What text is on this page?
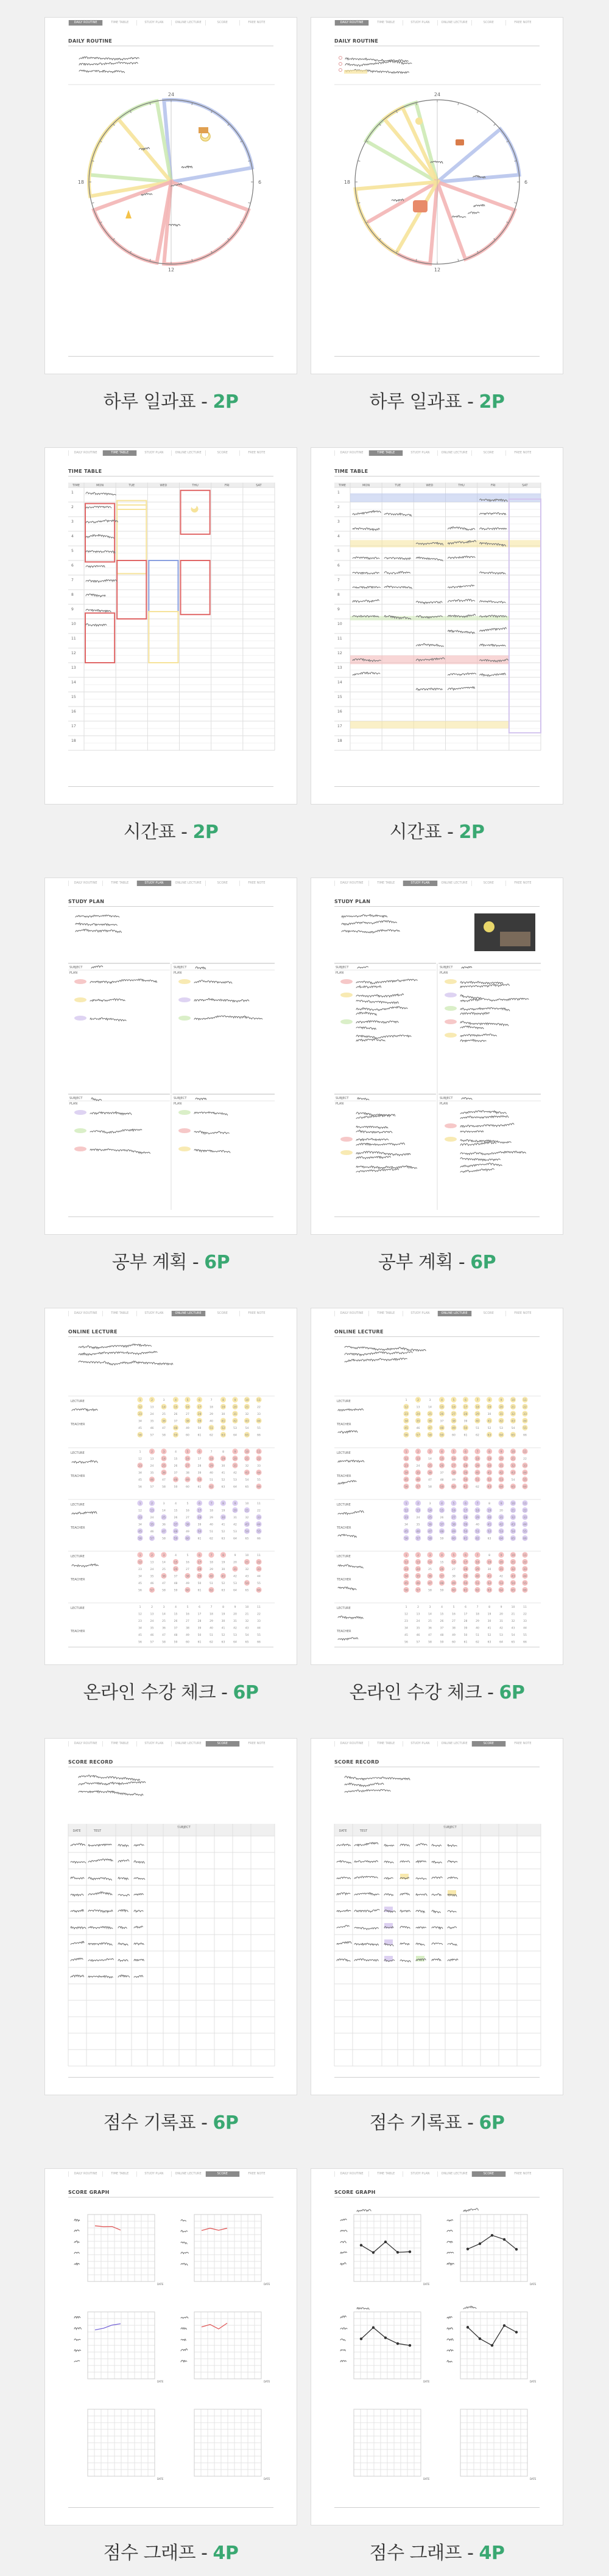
DAILY ROUTINE	TIME TABLE	STUDY PLAN	ONLINE LECTURE	SCORE	FREE NOTE
DAILY ROUTINE
24
6
12
18
하루 일과표 - 2P
DAILY ROUTINE	TIME TABLE	STUDY PLAN	ONLINE LECTURE	SCORE	FREE NOTE
DAILY ROUTINE
24
6
12
18
하루 일과표 - 2P
DAILY ROUTINE	TIME TABLE	STUDY PLAN	ONLINE LECTURE	SCORE	FREE NOTE
TIME TABLE
TIME	MON	TUE	WED	THU	FRI	SAT
1
2
3
4
5
6
7
8
9
10
11
12
13
14
15
16
17
18
시간표 - 2P
DAILY ROUTINE	TIME TABLE	STUDY PLAN	ONLINE LECTURE	SCORE	FREE NOTE
TIME TABLE
TIME	MON	TUE	WED	THU	FRI	SAT
1
2
3
4
5
6
7
8
9
10
11
12
13
14
15
16
17
18
시간표 - 2P
DAILY ROUTINE	TIME TABLE	STUDY PLAN	ONLINE LECTURE	SCORE	FREE NOTE
STUDY PLAN
SUBJECT
PLAN
SUBJECT
PLAN
SUBJECT
PLAN
SUBJECT
PLAN
공부 계획 - 6P
DAILY ROUTINE	TIME TABLE	STUDY PLAN	ONLINE LECTURE	SCORE	FREE NOTE
STUDY PLAN
SUBJECT
PLAN
SUBJECT
PLAN
SUBJECT
PLAN
SUBJECT
PLAN
공부 계획 - 6P
DAILY ROUTINE	TIME TABLE	STUDY PLAN	ONLINE LECTURE	SCORE	FREE NOTE
ONLINE LECTURE
LECTURE
TEACHER
1	2	3	4	5	6	7	8	9	10	11
12	13	14	15	16	17	18	19	20	21	22
23	24	25	26	27	28	29	30	31	32	33
34	35	36	37	38	39	40	41	42	43	44
45	46	47	48	49	50	51	52	53	54	55
56	57	58	59	60	61	62	63	64	65	66
LECTURE
TEACHER
1	2	3	4	5	6	7	8	9	10	11
12	13	14	15	16	17	18	19	20	21	22
23	24	25	26	27	28	29	30	31	32	33
34	35	36	37	38	39	40	41	42	43	44
45	46	47	48	49	50	51	52	53	54	55
56	57	58	59	60	61	62	63	64	65	66
LECTURE
TEACHER
1	2	3	4	5	6	7	8	9	10	11
12	13	14	15	16	17	18	19	20	21	22
23	24	25	26	27	28	29	30	31	32	33
34	35	36	37	38	39	40	41	42	43	44
45	46	47	48	49	50	51	52	53	54	55
56	57	58	59	60	61	62	63	64	65	66
LECTURE
TEACHER
1	2	3	4	5	6	7	8	9	10	11
12	13	14	15	16	17	18	19	20	21	22
23	24	25	26	27	28	29	30	31	32	33
34	35	36	37	38	39	40	41	42	43	44
45	46	47	48	49	50	51	52	53	54	55
56	57	58	59	60	61	62	63	64	65	66
LECTURE
TEACHER
1	2	3	4	5	6	7	8	9	10	11
12	13	14	15	16	17	18	19	20	21	22
23	24	25	26	27	28	29	30	31	32	33
34	35	36	37	38	39	40	41	42	43	44
45	46	47	48	49	50	51	52	53	54	55
56	57	58	59	60	61	62	63	64	65	66
온라인 수강 체크 - 6P
DAILY ROUTINE	TIME TABLE	STUDY PLAN	ONLINE LECTURE	SCORE	FREE NOTE
ONLINE LECTURE
LECTURE
TEACHER
1	2	3	4	5	6	7	8	9	10	11
12	13	14	15	16	17	18	19	20	21	22
23	24	25	26	27	28	29	30	31	32	33
34	35	36	37	38	39	40	41	42	43	44
45	46	47	48	49	50	51	52	53	54	55
56	57	58	59	60	61	62	63	64	65	66
LECTURE
TEACHER
1	2	3	4	5	6	7	8	9	10	11
12	13	14	15	16	17	18	19	20	21	22
23	24	25	26	27	28	29	30	31	32	33
34	35	36	37	38	39	40	41	42	43	44
45	46	47	48	49	50	51	52	53	54	55
56	57	58	59	60	61	62	63	64	65	66
LECTURE
TEACHER
1	2	3	4	5	6	7	8	9	10	11
12	13	14	15	16	17	18	19	20	21	22
23	24	25	26	27	28	29	30	31	32	33
34	35	36	37	38	39	40	41	42	43	44
45	46	47	48	49	50	51	52	53	54	55
56	57	58	59	60	61	62	63	64	65	66
LECTURE
TEACHER
1	2	3	4	5	6	7	8	9	10	11
12	13	14	15	16	17	18	19	20	21	22
23	24	25	26	27	28	29	30	31	32	33
34	35	36	37	38	39	40	41	42	43	44
45	46	47	48	49	50	51	52	53	54	55
56	57	58	59	60	61	62	63	64	65	66
LECTURE
TEACHER
1	2	3	4	5	6	7	8	9	10	11
12	13	14	15	16	17	18	19	20	21	22
23	24	25	26	27	28	29	30	31	32	33
34	35	36	37	38	39	40	41	42	43	44
45	46	47	48	49	50	51	52	53	54	55
56	57	58	59	60	61	62	63	64	65	66
온라인 수강 체크 - 6P
DAILY ROUTINE	TIME TABLE	STUDY PLAN	ONLINE LECTURE	SCORE	FREE NOTE
SCORE RECORD
DATE	TEST
SUBJECT
점수 기록표 - 6P
DAILY ROUTINE	TIME TABLE	STUDY PLAN	ONLINE LECTURE	SCORE	FREE NOTE
SCORE RECORD
DATE	TEST
SUBJECT
점수 기록표 - 6P
DAILY ROUTINE	TIME TABLE	STUDY PLAN	ONLINE LECTURE	SCORE	FREE NOTE
SCORE GRAPH
DATE	DATE
DATE	DATE
DATE	DATE
점수 그래프 - 4P
DAILY ROUTINE	TIME TABLE	STUDY PLAN	ONLINE LECTURE	SCORE	FREE NOTE
SCORE GRAPH
DATE	DATE
DATE	DATE
DATE	DATE
점수 그래프 - 4P
